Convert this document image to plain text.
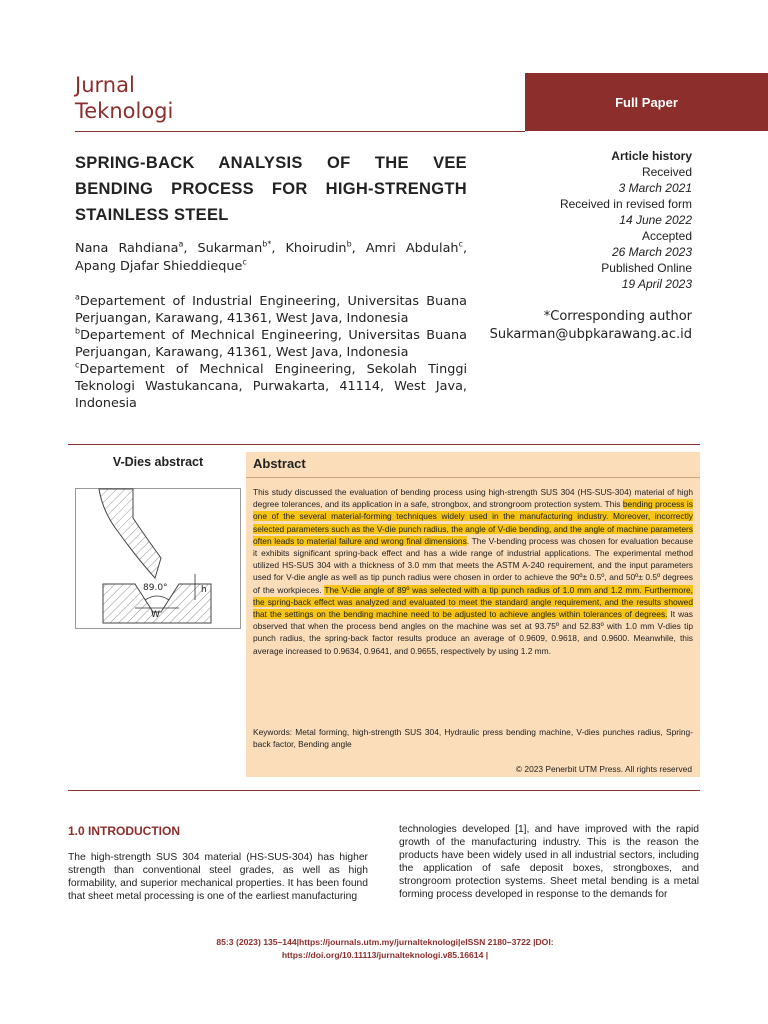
Jurnal
Teknologi	Full Paper
SPRING-BACK ANALYSIS OF THE VEE BENDING PROCESS FOR HIGH-STRENGTH STAINLESS STEEL
Nana Rahdiana$^a$, Sukarman$^{b*}$, Khoirudin$^b$, Amri Abdulah$^c$, Apang Djafar Shieddieque$^c$

$^a$Departement of Industrial Engineering, Universitas Buana Perjuangan, Karawang, 41361, West Java, Indonesia

$^b$Departement of Mechnical Engineering, Universitas Buana Perjuangan, Karawang, 41361, West Java, Indonesia

$^c$Departement of Mechnical Engineering, Sekolah Tinggi Teknologi Wastukancana, Purwakarta, 41114, West Java, Indonesia

Article history
Received
3 March 2021
Received in revised form
14 June 2022
Accepted
26 March 2023
Published Online
19 April 2023
*Corresponding author
Sukarman@ubpkarawang.ac.id
V-Dies abstract
89.0°
W
h
Abstract
This study discussed the evaluation of bending process using high-strength SUS 304 (HS-SUS-304) material of high degree tolerances, and its application in a safe, strongbox, and strongroom protection system. This bending process is one of the several material-forming techniques widely used in the manufacturing industry. Moreover, incorrectly selected parameters such as the V-die punch radius, the angle of V-die bending, and the angle of machine parameters often leads to material failure and wrong final dimensions. The V-bending process was chosen for evaluation because it exhibits significant spring-back effect and has a wide range of industrial applications. The experimental method utilized HS-SUS 304 with a thickness of 3.0 mm that meets the ASTM A-240 requirement, and the input parameters used for V-die angle as well as tip punch radius were chosen in order to achieve the 90º± 0.5º, and 50º± 0.5º degrees of the workpieces. The V-die angle of 89º was selected with a tip punch radius of 1.0 mm and 1.2 mm. Furthermore, the spring-back effect was analyzed and evaluated to meet the standard angle requirement, and the results showed that the settings on the bending machine need to be adjusted to achieve angles within tolerances of degrees. It was observed that when the process bend angles on the machine was set at 93.75º and 52.83º with 1.0 mm V-dies tip punch radius, the spring-back factor results produce an average of 0.9609, 0.9618, and 0.9600. Meanwhile, this average increased to 0.9634, 0.9641, and 0.9655, respectively by using 1.2 mm.
Keywords: Metal forming, high-strength SUS 304, Hydraulic press bending machine, V-dies punches radius, Spring-back factor, Bending angle
© 2023 Penerbit UTM Press. All rights reserved
1.0 INTRODUCTION
The high-strength SUS 304 material (HS-SUS-304) has higher strength than conventional steel grades, as well as high formability, and superior mechanical properties. It has been found that sheet metal processing is one of the earliest manufacturing
technologies developed [1], and have improved with the rapid growth of the manufacturing industry. This is the reason the products have been widely used in all industrial sectors, including the application of safe deposit boxes, strongboxes, and strongroom protection systems. Sheet metal bending is a metal forming process developed in response to the demands for
85:3 (2023) 135–144|https://journals.utm.my/jurnalteknologi|eISSN 2180–3722 |DOI:
https://doi.org/10.11113/jurnalteknologi.v85.16614 |
